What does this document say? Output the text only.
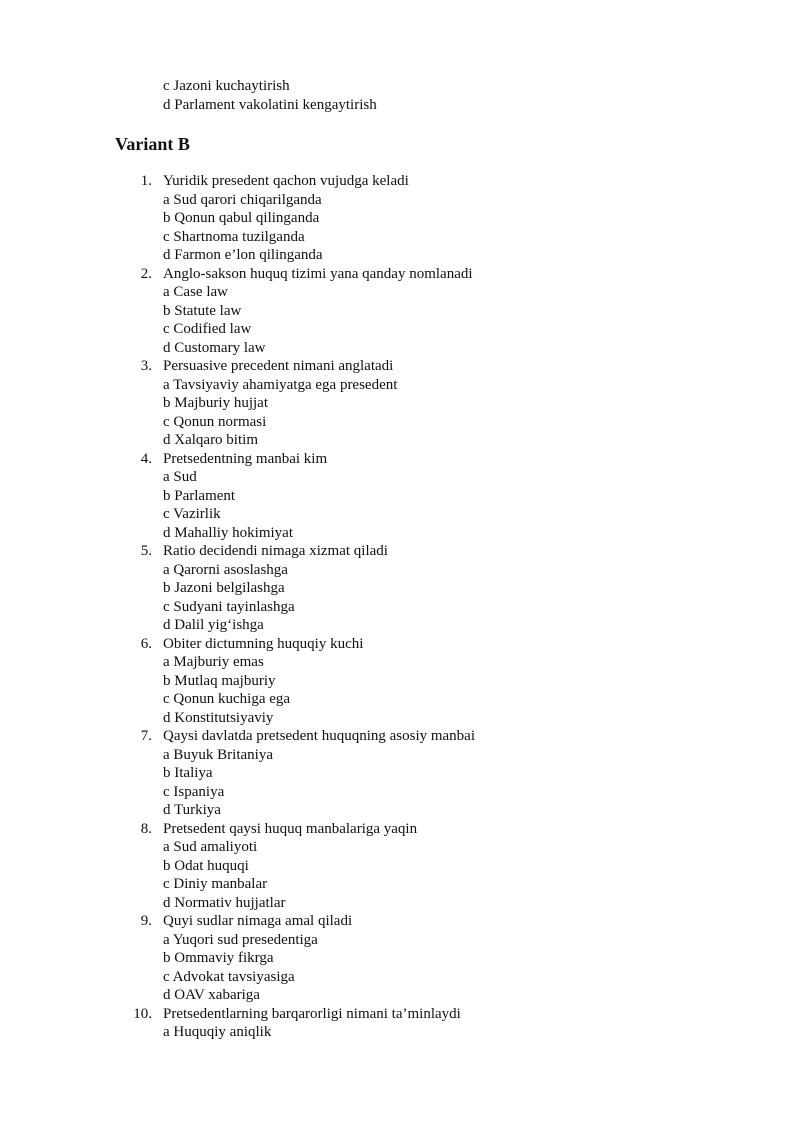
c Jazoni kuchaytirish
d Parlament vakolatini kengaytirish
Variant B
1. Yuridik presedent qachon vujudga keladi
a Sud qarori chiqarilganda
b Qonun qabul qilinganda
c Shartnoma tuzilganda
d Farmon e’lon qilinganda
2. Anglo-sakson huquq tizimi yana qanday nomlanadi
a Case law
b Statute law
c Codified law
d Customary law
3. Persuasive precedent nimani anglatadi
a Tavsiyaviy ahamiyatga ega presedent
b Majburiy hujjat
c Qonun normasi
d Xalqaro bitim
4. Pretsedentning manbai kim
a Sud
b Parlament
c Vazirlik
d Mahalliy hokimiyat
5. Ratio decidendi nimaga xizmat qiladi
a Qarorni asoslashga
b Jazoni belgilashga
c Sudyani tayinlashga
d Dalil yig‘ishga
6. Obiter dictumning huquqiy kuchi
a Majburiy emas
b Mutlaq majburiy
c Qonun kuchiga ega
d Konstitutsiyaviy
7. Qaysi davlatda pretsedent huquqning asosiy manbai
a Buyuk Britaniya
b Italiya
c Ispaniya
d Turkiya
8. Pretsedent qaysi huquq manbalariga yaqin
a Sud amaliyoti
b Odat huquqi
c Diniy manbalar
d Normativ hujjatlar
9. Quyi sudlar nimaga amal qiladi
a Yuqori sud presedentiga
b Ommaviy fikrga
c Advokat tavsiyasiga
d OAV xabariga
10. Pretsedentlarning barqarorligi nimani ta’minlaydi
a Huquqiy aniqlik
